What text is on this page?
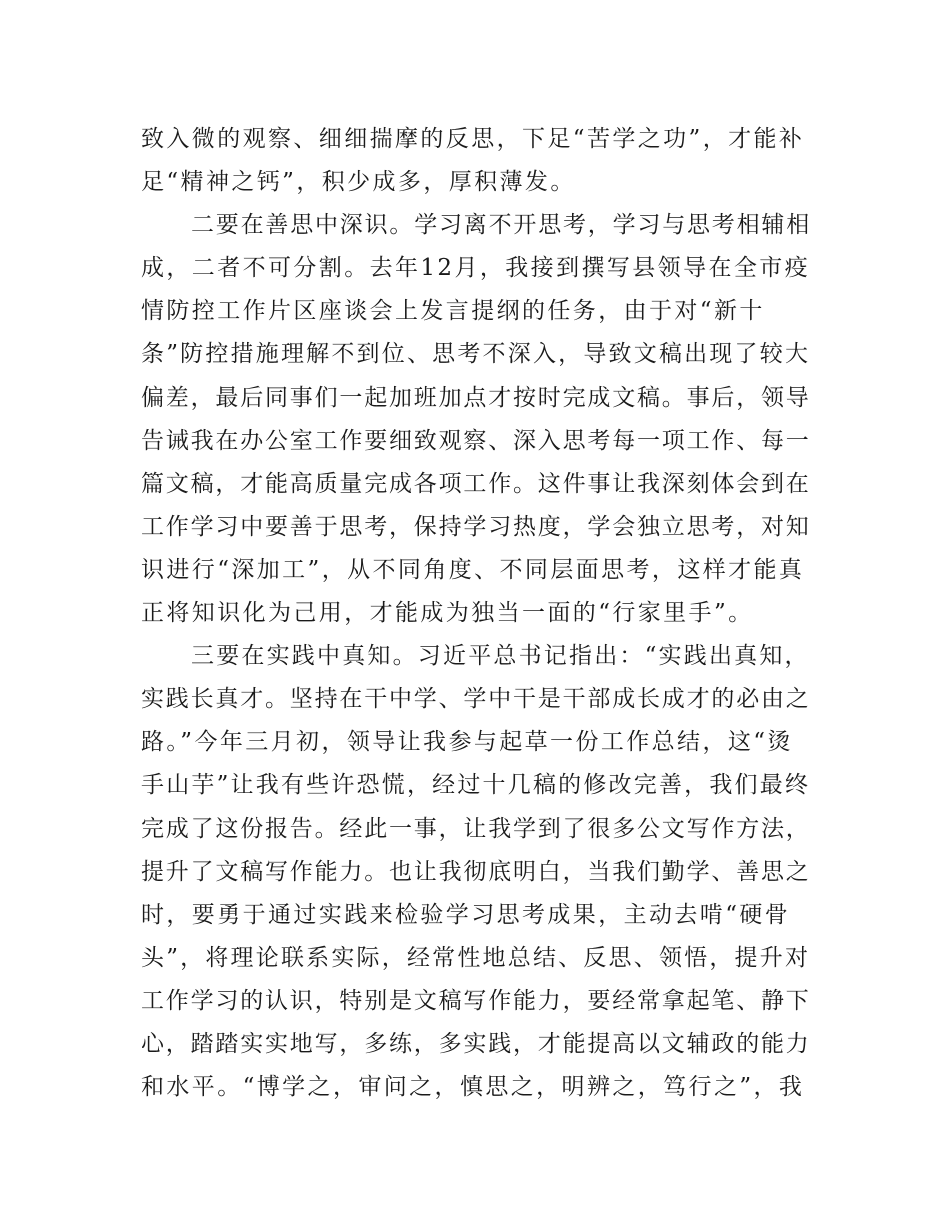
致入微的观察、细细揣摩的反思，下足“苦学之功”，才能补
足“精神之钙”，积少成多，厚积薄发。
二要在善思中深识。学习离不开思考，学习与思考相辅相
成，二者不可分割。去年12月，我接到撰写县领导在全市疫
情防控工作片区座谈会上发言提纲的任务，由于对“新十
条”防控措施理解不到位、思考不深入，导致文稿出现了较大
偏差，最后同事们一起加班加点才按时完成文稿。事后，领导
告诫我在办公室工作要细致观察、深入思考每一项工作、每一
篇文稿，才能高质量完成各项工作。这件事让我深刻体会到在
工作学习中要善于思考，保持学习热度，学会独立思考，对知
识进行“深加工”，从不同角度、不同层面思考，这样才能真
正将知识化为己用，才能成为独当一面的“行家里手”。
三要在实践中真知。习近平总书记指出：“实践出真知，
实践长真才。坚持在干中学、学中干是干部成长成才的必由之
路。”今年三月初，领导让我参与起草一份工作总结，这“烫
手山芋”让我有些许恐慌，经过十几稿的修改完善，我们最终
完成了这份报告。经此一事，让我学到了很多公文写作方法，
提升了文稿写作能力。也让我彻底明白，当我们勤学、善思之
时，要勇于通过实践来检验学习思考成果，主动去啃“硬骨
头”，将理论联系实际，经常性地总结、反思、领悟，提升对
工作学习的认识，特别是文稿写作能力，要经常拿起笔、静下
心，踏踏实实地写，多练，多实践，才能提高以文辅政的能力
和水平。“博学之，审问之，慎思之，明辨之，笃行之”，我
